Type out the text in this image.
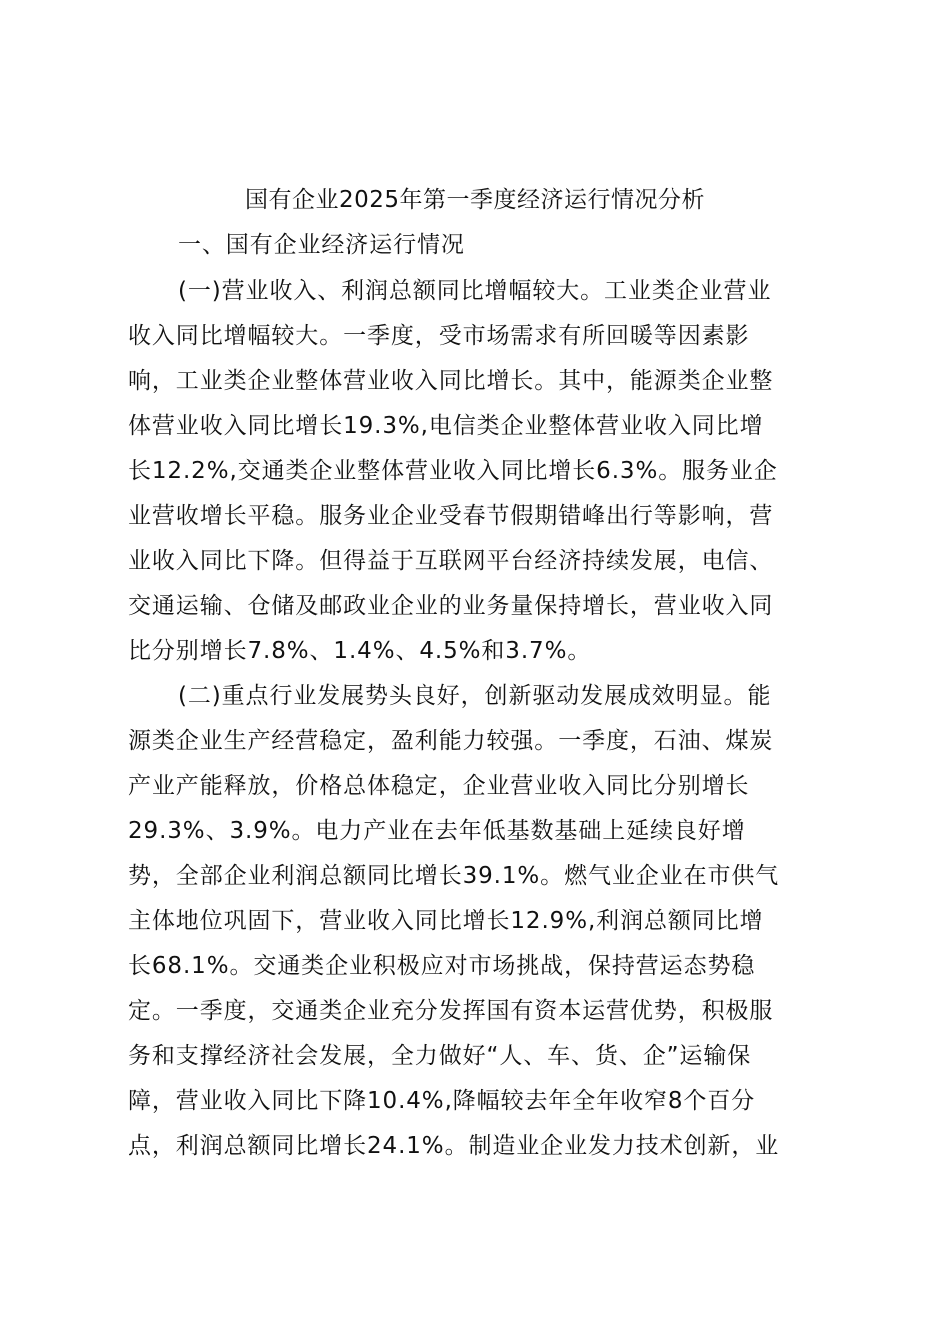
国有企业2025年第一季度经济运行情况分析
一、国有企业经济运行情况
(一)营业收入、利润总额同比增幅较大。工业类企业营业
收入同比增幅较大。一季度，受市场需求有所回暖等因素影
响，工业类企业整体营业收入同比增长。其中，能源类企业整
体营业收入同比增长19.3%,电信类企业整体营业收入同比增
长12.2%,交通类企业整体营业收入同比增长6.3%。服务业企
业营收增长平稳。服务业企业受春节假期错峰出行等影响，营
业收入同比下降。但得益于互联网平台经济持续发展，电信、
交通运输、仓储及邮政业企业的业务量保持增长，营业收入同
比分别增长7.8%、1.4%、4.5%和3.7%。
(二)重点行业发展势头良好，创新驱动发展成效明显。能
源类企业生产经营稳定，盈利能力较强。一季度，石油、煤炭
产业产能释放，价格总体稳定，企业营业收入同比分别增长
29.3%、3.9%。电力产业在去年低基数基础上延续良好增
势，全部企业利润总额同比增长39.1%。燃气业企业在市供气
主体地位巩固下，营业收入同比增长12.9%,利润总额同比增
长68.1%。交通类企业积极应对市场挑战，保持营运态势稳
定。一季度，交通类企业充分发挥国有资本运营优势，积极服
务和支撑经济社会发展，全力做好“人、车、货、企”运输保
障，营业收入同比下降10.4%,降幅较去年全年收窄8个百分
点，利润总额同比增长24.1%。制造业企业发力技术创新，业
